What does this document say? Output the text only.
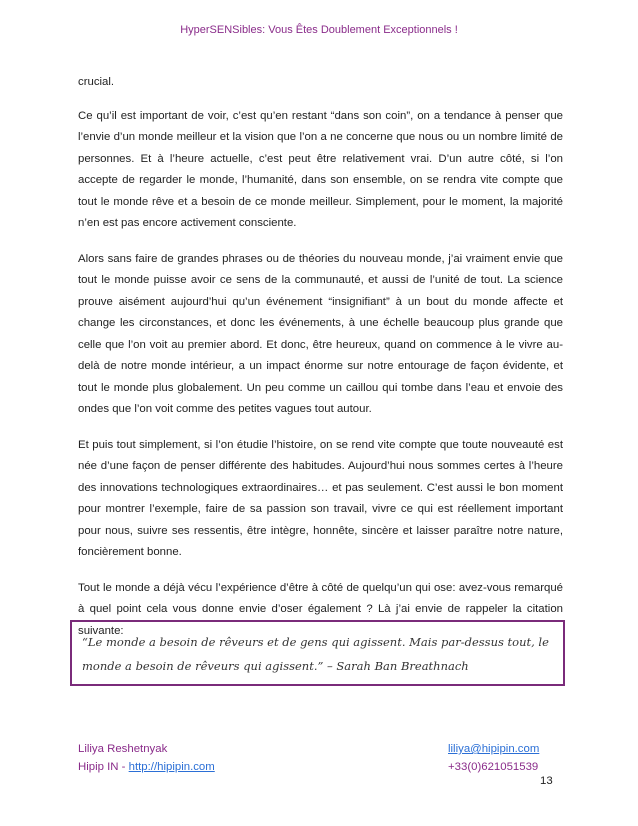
HyperSENSibles: Vous Êtes Doublement Exceptionnels !

crucial.

Ce qu’il est important de voir, c’est qu’en restant “dans son coin”, on a tendance à penser que l’envie d’un monde meilleur et la vision que l’on a ne concerne que nous ou un nombre limité de personnes. Et à l’heure actuelle, c’est peut être relativement vrai. D’un autre côté, si l’on accepte de regarder le monde, l’humanité, dans son ensemble, on se rendra vite compte que tout le monde rêve et a besoin de ce monde meilleur. Simplement, pour le moment, la majorité n’en est pas encore activement consciente.

Alors sans faire de grandes phrases ou de théories du nouveau monde, j’ai vraiment envie que tout le monde puisse avoir ce sens de la communauté, et aussi de l’unité de tout. La science prouve aisément aujourd’hui qu’un événement “insignifiant” à un bout du monde affecte et change les circonstances, et donc les événements, à une échelle beaucoup plus grande que celle que l’on voit au premier abord. Et donc, être heureux, quand on commence à le vivre au-delà de notre monde intérieur, a un impact énorme sur notre entourage de façon évidente, et tout le monde plus globalement. Un peu comme un caillou qui tombe dans l’eau et envoie des ondes que l’on voit comme des petites vagues tout autour.

Et puis tout simplement, si l’on étudie l’histoire, on se rend vite compte que toute nouveauté est née d’une façon de penser différente des habitudes. Aujourd’hui nous sommes certes à l’heure des innovations technologiques extraordinaires… et pas seulement. C’est aussi le bon moment pour montrer l’exemple, faire de sa passion son travail, vivre ce qui est réellement important pour nous, suivre ses ressentis, être intègre, honnête, sincère et laisser paraître notre nature, foncièrement bonne.

Tout le monde a déjà vécu l’expérience d’être à côté de quelqu’un qui ose: avez-vous remarqué à quel point cela vous donne envie d’oser également ? Là j’ai envie de rappeler la citation suivante:

“Le monde a besoin de rêveurs et de gens qui agissent. Mais par-dessus tout, le monde a besoin de rêveurs qui agissent.” – Sarah Ban Breathnach
Liliya Reshetnyak
Hipip IN - http://hipipin.com
liliya@hipipin.com
+33(0)621051539
13
